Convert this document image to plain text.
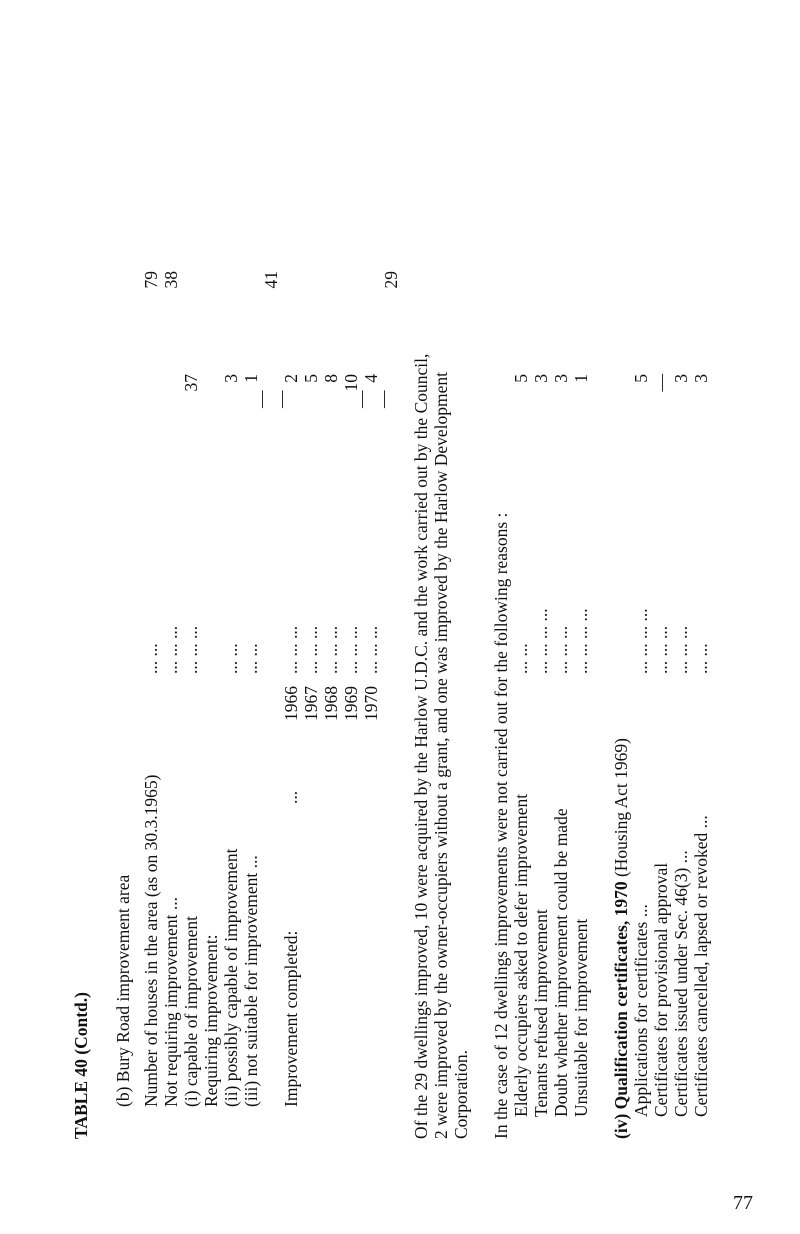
TABLE 40 (Contd.) (b) Bury Road improvement area Number of houses in the area (as on 30.3.1965)
... ...
79
Not requiring improvement ...
... ... ...
38
(i) capable of improvement
... ... ...
37
Requiring improvement: (ii) possibly capable of improvement
... ...
3
(iii) not suitable for improvement ...
... ...
1
41
—
Improvement completed:
...
—
1966
... ... ...
2
1967
... ... ...
5
1968
... ... ...
8
1969
... ... ...
10
1970
... ... ...
4
— —
29
Of the 29 dwellings improved, 10 were acquired by the Harlow U.D.C. and the work carried out by the Council, 2 were improved by the owner-occupiers without a grant, and one was improved by the Harlow Development Corporation. In the case of 12 dwellings improvements were not carried out for the following reasons : Elderly occupiers asked to defer improvement
... ...
5
Tenants refused improvement
... ... ... ...
3
Doubt whether improvement could be made
... ... ...
3
Unsuitable for improvement
... ... ... ...
1
(iv) Qualification certificates, 1970 (Housing Act 1969)
Applications for certificates ...
... ... ... ...
5
Certificates for provisional approval
... ... ...
—
Certificates issued under Sec. 46(3) ...
... ... ...
3
Certificates cancelled, lapsed or revoked ...
... ...
3
77
